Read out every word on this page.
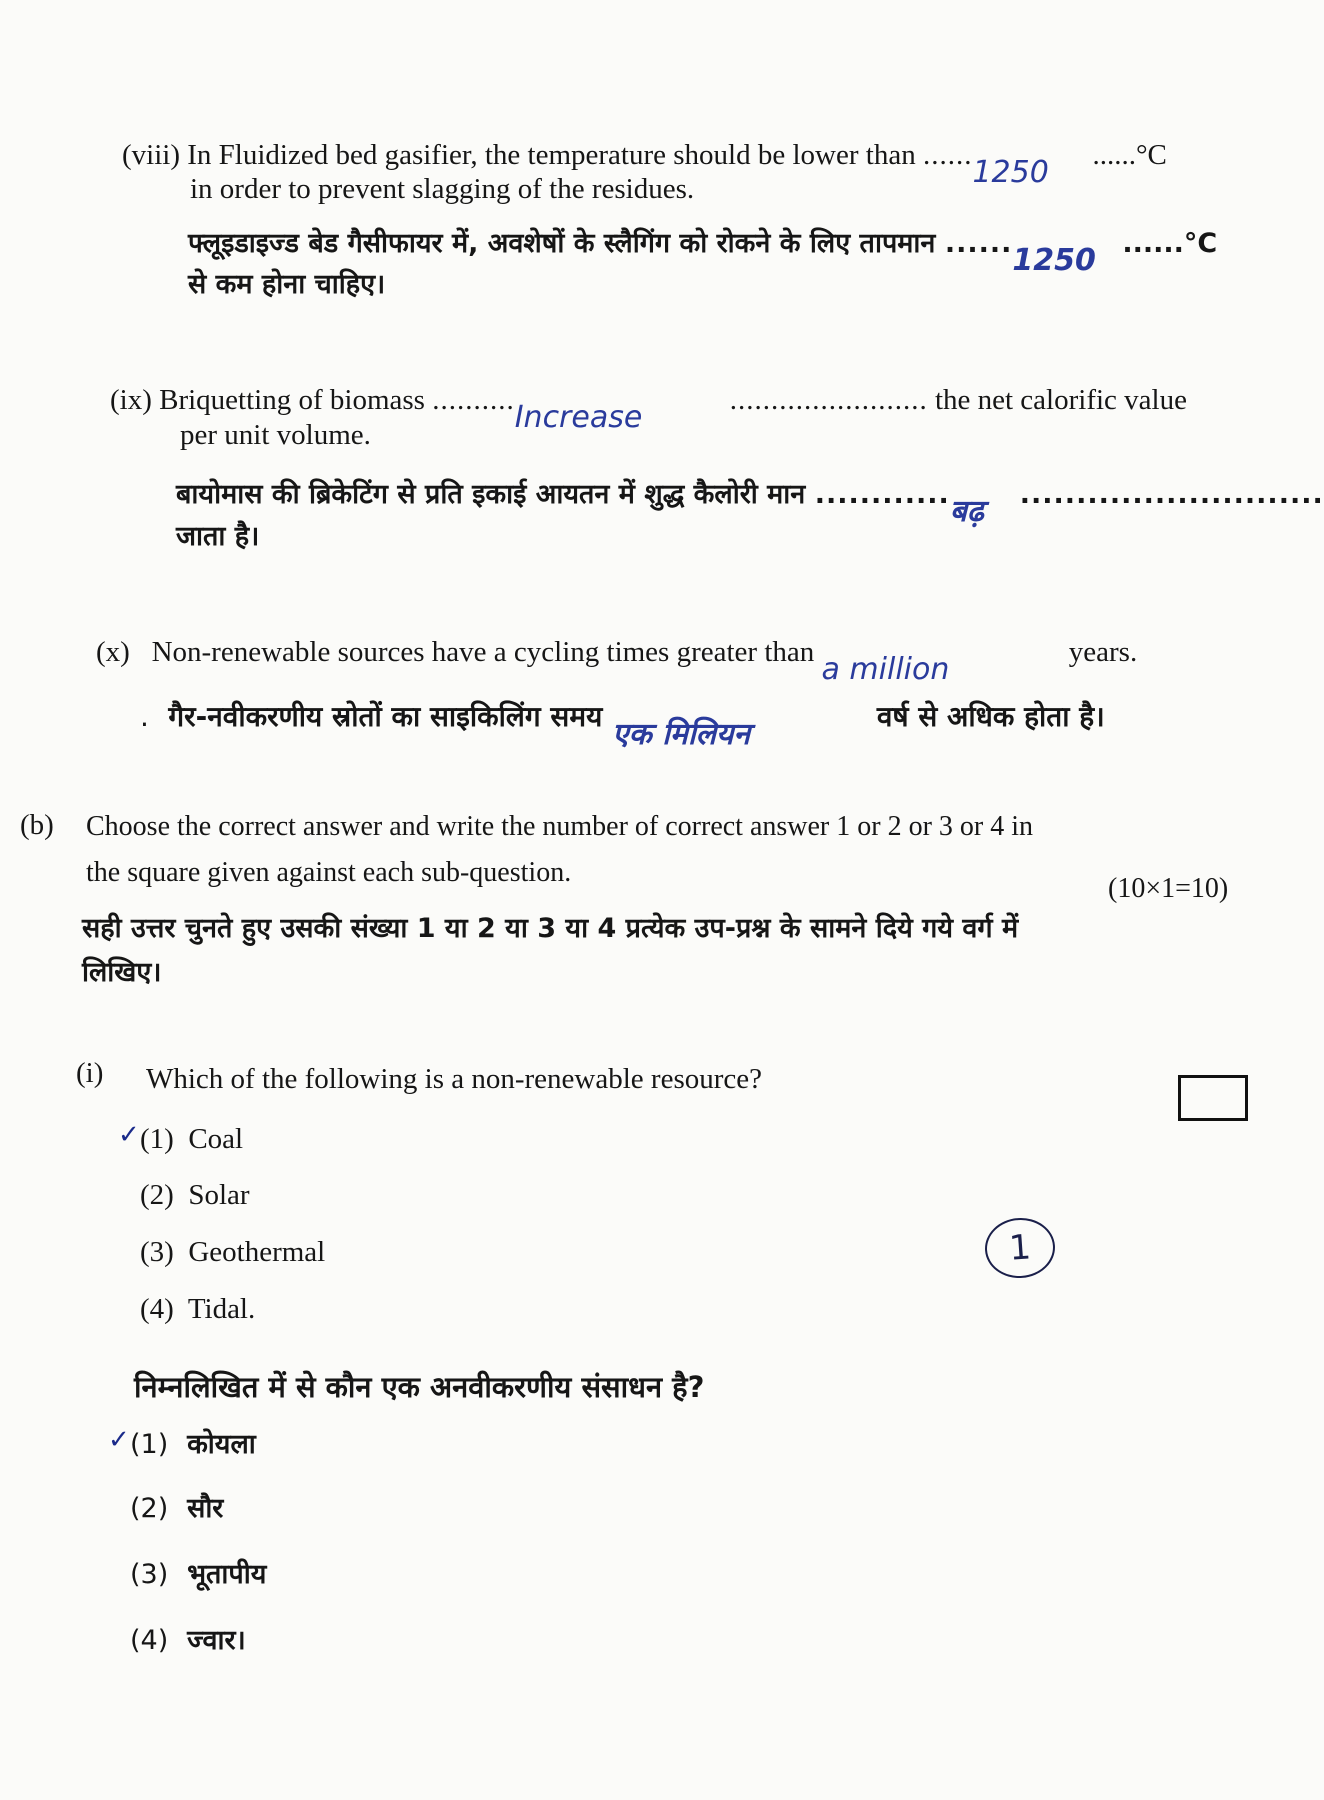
(viii) In Fluidized bed gasifier, the temperature should be lower than ...... 1250 ......°C
in order to prevent slagging of the residues.
फ्लूइडाइज्ड बेड गैसीफायर में, अवशेषों के स्लैगिंग को रोकने के लिए तापमान ...... 1250 ......°C
से कम होना चाहिए।
(ix) Briquetting of biomass .......... Increase	........................ the net calorific value
per unit volume.
बायोमास की ब्रिकेटिंग से प्रति इकाई आयतन में शुद्ध कैलोरी मान ............ बढ़ ...........................
जाता है।
(x) Non-renewable sources have a cycling times greater than a million	years.
. गैर-नवीकरणीय स्रोतों का साइकिलिंग समय
एक मिलियन
वर्ष से अधिक होता है।
(b) Choose the correct answer and write the number of correct answer 1 or 2 or 3 or 4 in
the square given against each sub-question.
(10×1=10)
सही उत्तर चुनते हुए उसकी संख्या 1 या 2 या 3 या 4 प्रत्येक उप-प्रश्न के सामने दिये गये वर्ग में
लिखिए।
(i) Which of the following is a non-renewable resource?
✓ (1) Coal
(2) Solar
(3) Geothermal
(4) Tidal.
1
निम्नलिखित में से कौन एक अनवीकरणीय संसाधन है?
✓ (1) कोयला
(2) सौर
(3) भूतापीय
(4) ज्वार।
